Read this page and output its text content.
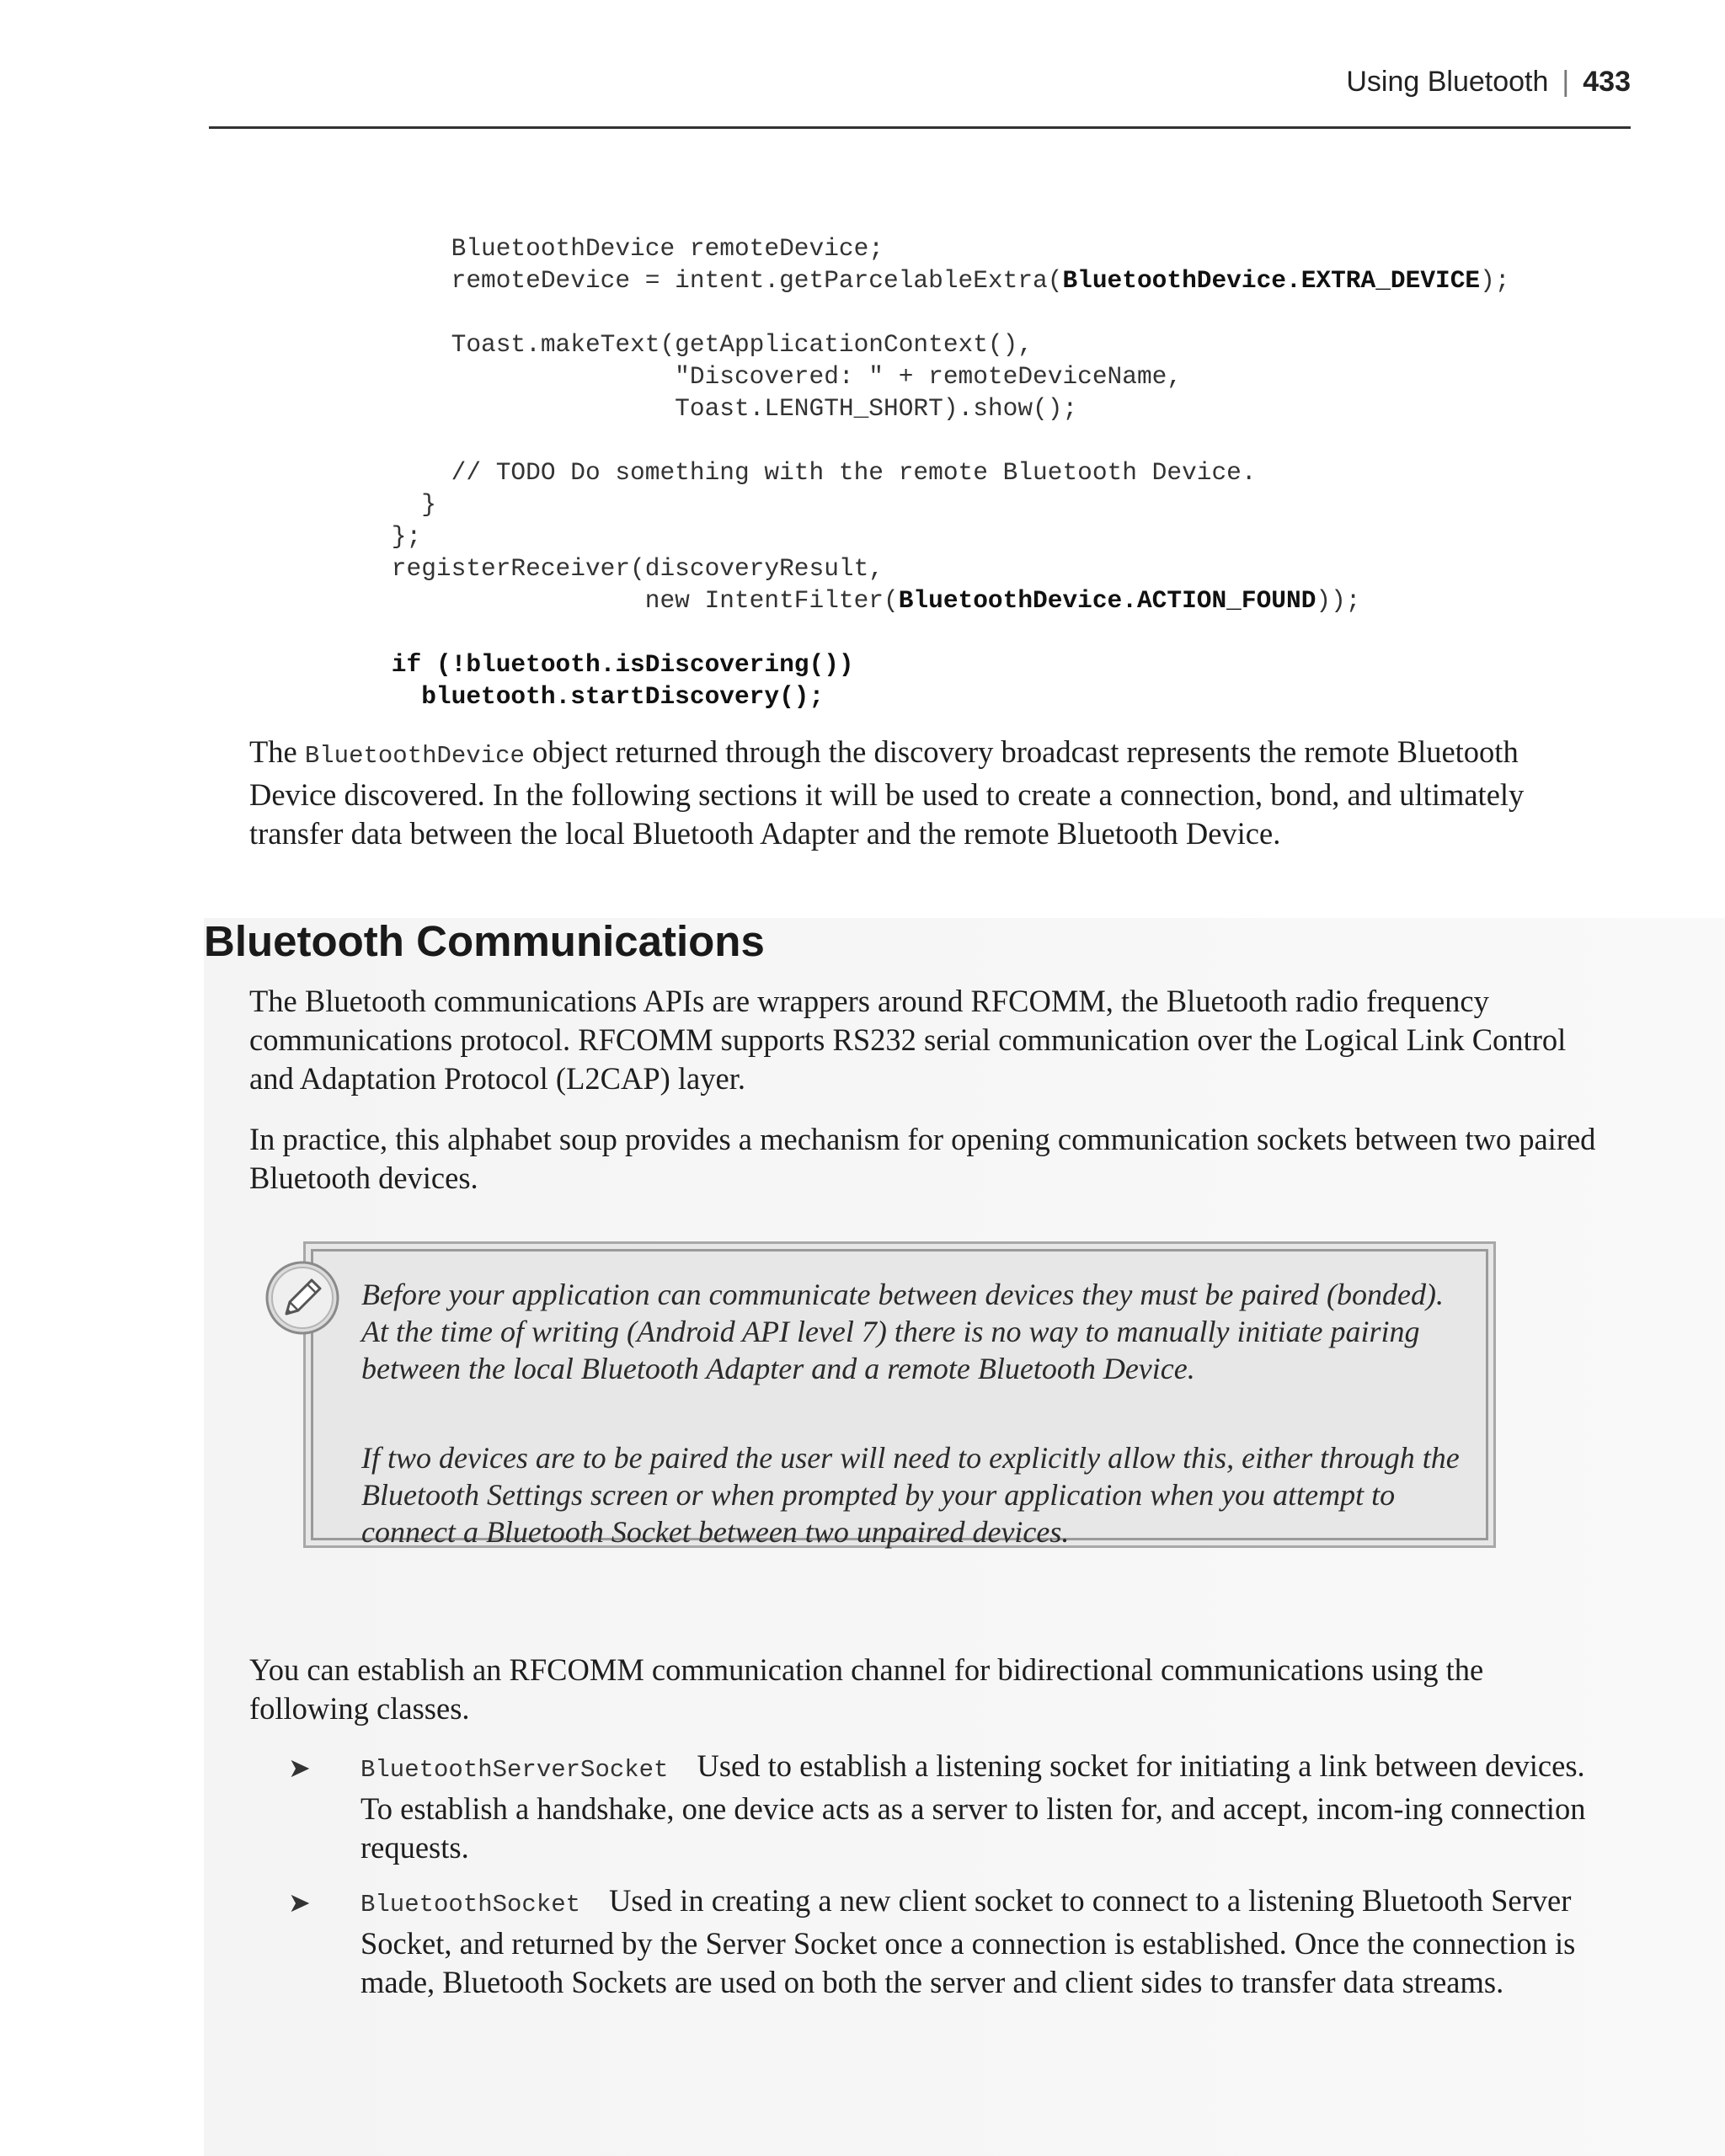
Using Bluetooth | 433
BluetoothDevice remoteDevice;
remoteDevice = intent.getParcelableExtra(BluetoothDevice.EXTRA_DEVICE);
Toast.makeText(getApplicationContext(),
"Discovered: " + remoteDeviceName,
Toast.LENGTH_SHORT).show();
// TODO Do something with the remote Bluetooth Device.
}
};
registerReceiver(discoveryResult,
new IntentFilter(BluetoothDevice.ACTION_FOUND));
if (!bluetooth.isDiscovering())
bluetooth.startDiscovery();

The BluetoothDevice object returned through the discovery broadcast represents the remote Bluetooth Device discovered. In the following sections it will be used to create a connection, bond, and ultimately transfer data between the local Bluetooth Adapter and the remote Bluetooth Device.

Bluetooth Communications

The Bluetooth communications APIs are wrappers around RFCOMM, the Bluetooth radio frequency communications protocol. RFCOMM supports RS232 serial communication over the Logical Link Control and Adaptation Protocol (L2CAP) layer.

In practice, this alphabet soup provides a mechanism for opening communication sockets between two paired Bluetooth devices.

Before your application can communicate between devices they must be paired (bonded). At the time of writing (Android API level 7) there is no way to manually initiate pairing between the local Bluetooth Adapter and a remote Bluetooth Device.

If two devices are to be paired the user will need to explicitly allow this, either through the Bluetooth Settings screen or when prompted by your application when you attempt to connect a Bluetooth Socket between two unpaired devices.

You can establish an RFCOMM communication channel for bidirectional communications using the following classes.

➤ BluetoothServerSocket Used to establish a listening socket for initiating a link between devices. To establish a handshake, one device acts as a server to listen for, and accept, incom-ing connection requests.

➤ BluetoothSocket Used in creating a new client socket to connect to a listening Bluetooth Server Socket, and returned by the Server Socket once a connection is established. Once the connection is made, Bluetooth Sockets are used on both the server and client sides to transfer data streams.
